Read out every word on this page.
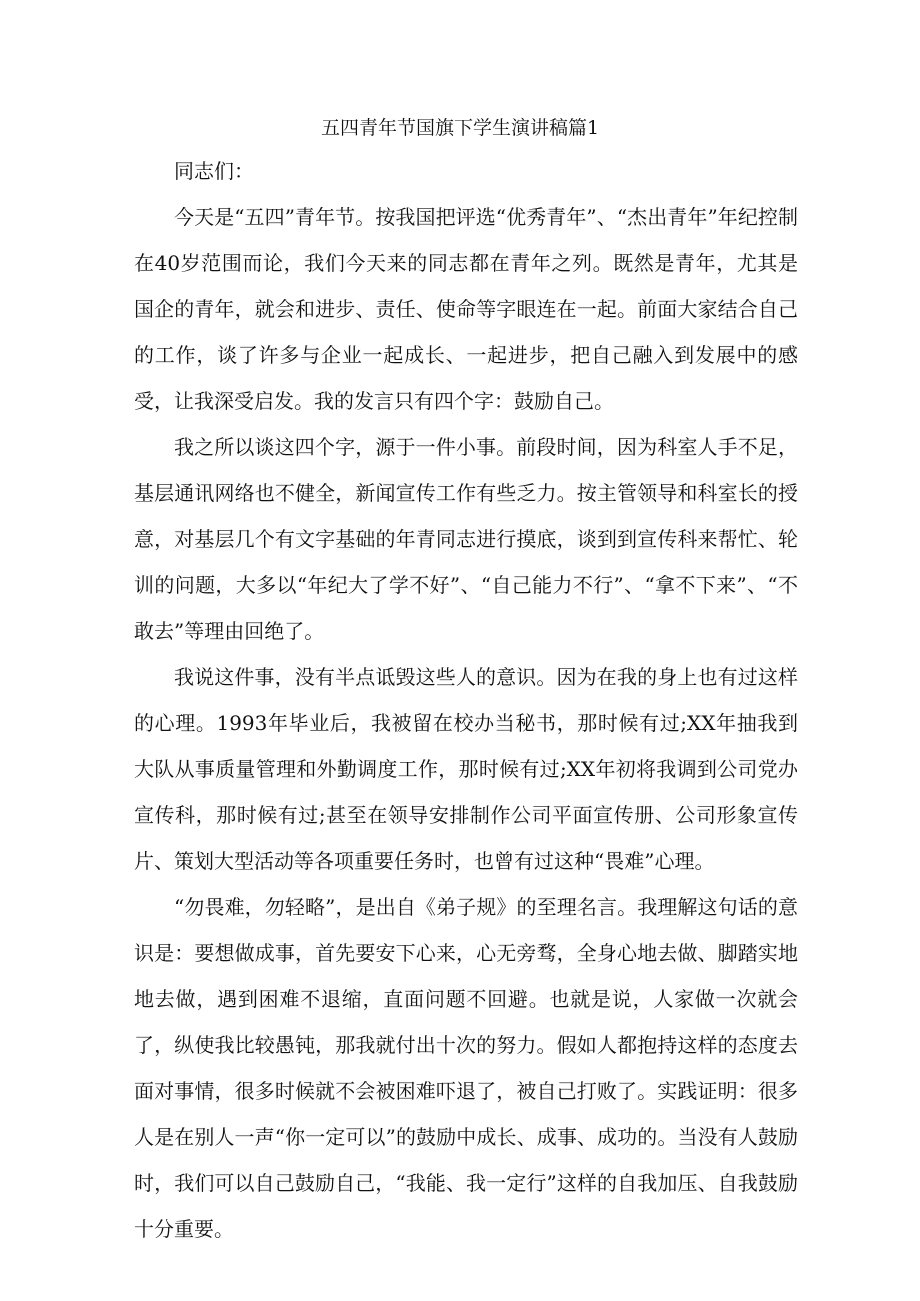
五四青年节国旗下学生演讲稿篇1

同志们：

今天是“五四”青年节。按我国把评选“优秀青年”、“杰出青年”年纪控制在40岁范围而论，我们今天来的同志都在青年之列。既然是青年，尤其是国企的青年，就会和进步、责任、使命等字眼连在一起。前面大家结合自己的工作，谈了许多与企业一起成长、一起进步，把自己融入到发展中的感受，让我深受启发。我的发言只有四个字：鼓励自己。

我之所以谈这四个字，源于一件小事。前段时间，因为科室人手不足，基层通讯网络也不健全，新闻宣传工作有些乏力。按主管领导和科室长的授意，对基层几个有文字基础的年青同志进行摸底，谈到到宣传科来帮忙、轮训的问题，大多以“年纪大了学不好”、“自己能力不行”、“拿不下来”、“不敢去”等理由回绝了。

我说这件事，没有半点诋毁这些人的意识。因为在我的身上也有过这样的心理。1993年毕业后，我被留在校办当秘书，那时候有过;XX年抽我到大队从事质量管理和外勤调度工作，那时候有过;XX年初将我调到公司党办宣传科，那时候有过;甚至在领导安排制作公司平面宣传册、公司形象宣传片、策划大型活动等各项重要任务时，也曾有过这种“畏难”心理。

“勿畏难，勿轻略”，是出自《弟子规》的至理名言。我理解这句话的意识是：要想做成事，首先要安下心来，心无旁骛，全身心地去做、脚踏实地地去做，遇到困难不退缩，直面问题不回避。也就是说，人家做一次就会了，纵使我比较愚钝，那我就付出十次的努力。假如人都抱持这样的态度去面对事情，很多时候就不会被困难吓退了，被自己打败了。实践证明：很多人是在别人一声“你一定可以”的鼓励中成长、成事、成功的。当没有人鼓励时，我们可以自己鼓励自己，“我能、我一定行”这样的自我加压、自我鼓励十分重要。
